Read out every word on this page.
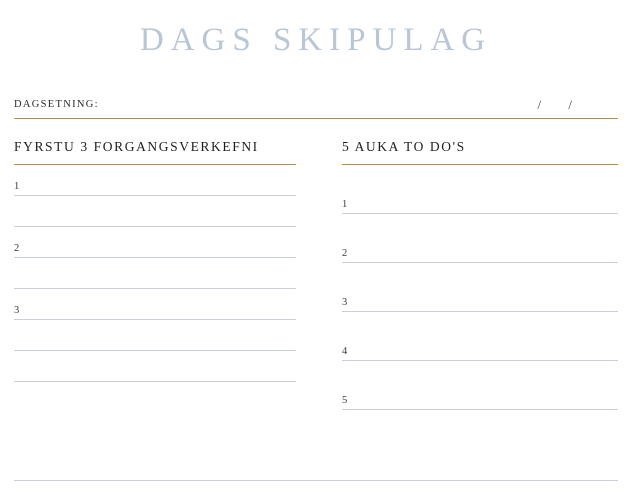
DAGS SKIPULAG
DAGSETNING:	/ /
FYRSTU 3 FORGANGSVERKEFNI
1
2
3
5 AUKA TO DO'S
1
2
3
4
5
